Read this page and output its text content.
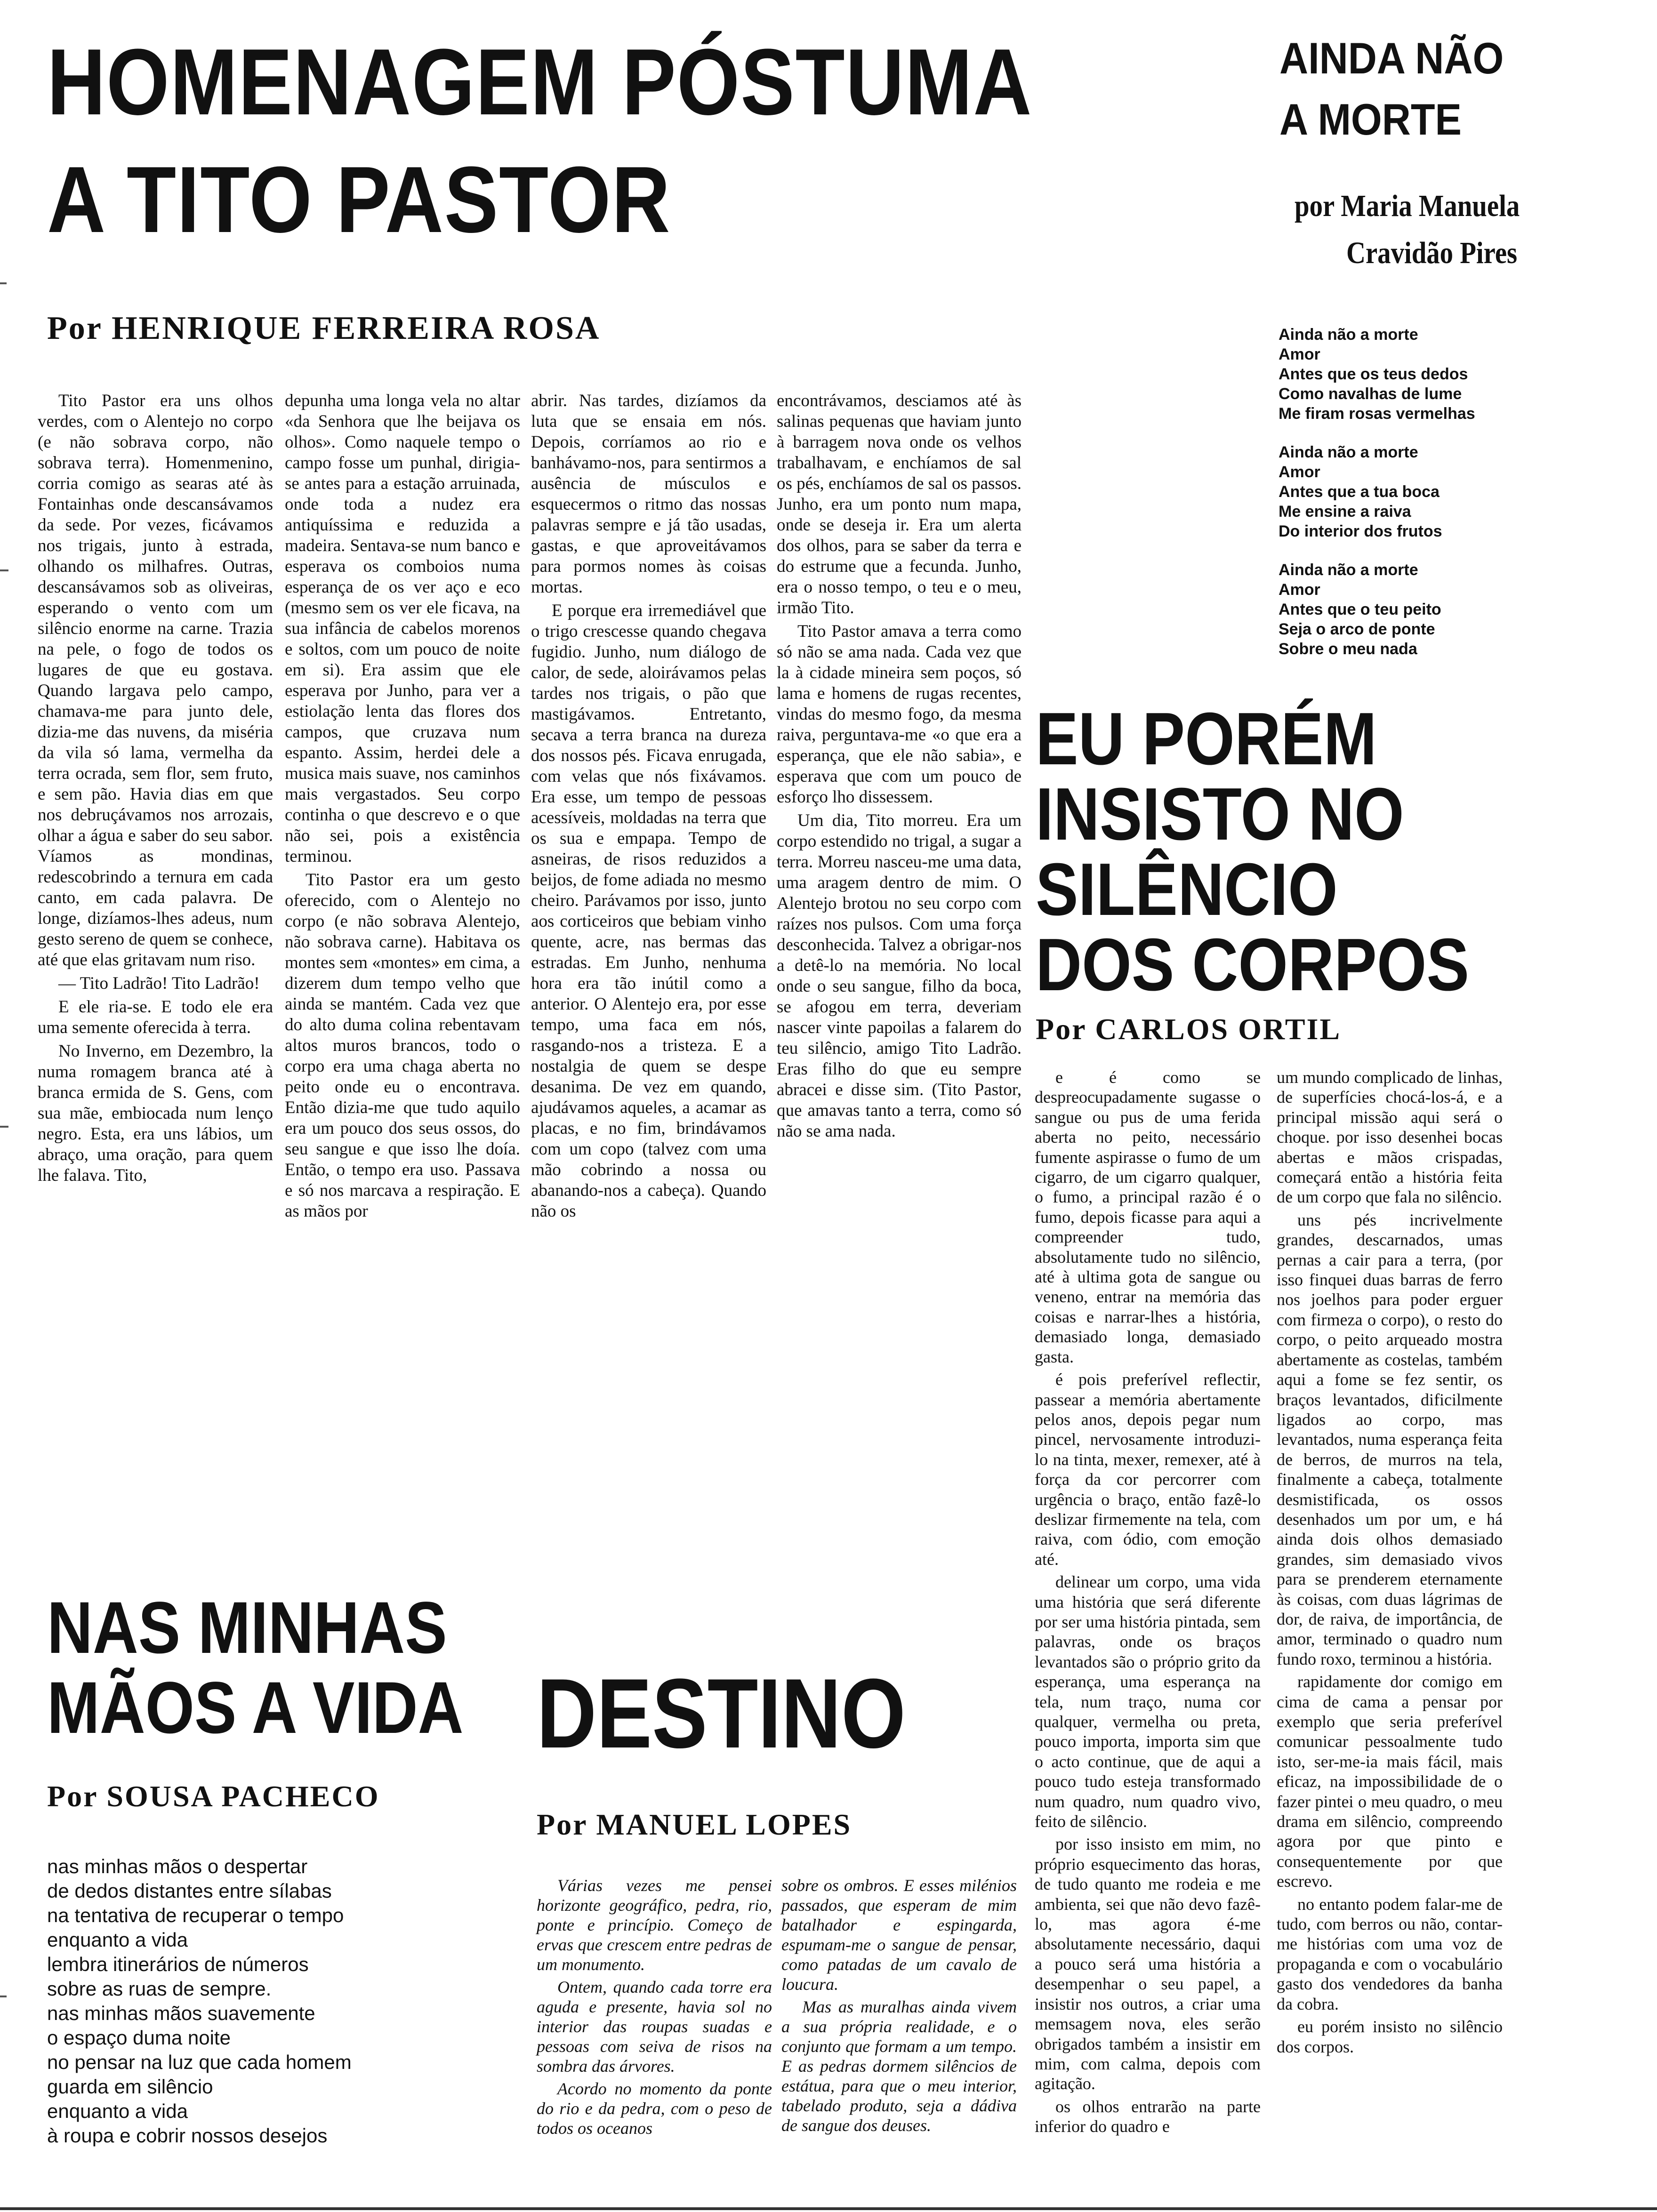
HOMENAGEM PÓSTUMA
A TITO PASTOR
Por HENRIQUE FERREIRA ROSA

Tito Pastor era uns olhos verdes, com o Alentejo no corpo (e não sobrava corpo, não sobrava terra). Homenmenino, corria comigo as searas até às Fontainhas onde descansávamos da sede. Por vezes, ficávamos nos trigais, junto à estrada, olhando os milhafres. Outras, descansávamos sob as oliveiras, esperando o vento com um silêncio enorme na carne. Trazia na pele, o fogo de todos os lugares de que eu gostava. Quando largava pelo campo, chamava-me para junto dele, dizia-me das nuvens, da miséria da vila só lama, vermelha da terra ocrada, sem flor, sem fruto, e sem pão. Havia dias em que nos debruçávamos nos arrozais, olhar a água e saber do seu sabor. Víamos as mondinas, redescobrindo a ternura em cada canto, em cada palavra. De longe, dizíamos-lhes adeus, num gesto sereno de quem se conhece, até que elas gritavam num riso.

— Tito Ladrão! Tito Ladrão!

E ele ria-se. E todo ele era uma semente oferecida à terra.

No Inverno, em Dezembro, la numa romagem branca até à branca ermida de S. Gens, com sua mãe, embiocada num lenço negro. Esta, era uns lábios, um abraço, uma oração, para quem lhe falava. Tito,

depunha uma longa vela no altar «da Senhora que lhe beijava os olhos». Como naquele tempo o campo fosse um punhal, dirigia-se antes para a estação arruinada, onde toda a nudez era antiquíssima e reduzida a madeira. Sentava-se num banco e esperava os comboios numa esperança de os ver aço e eco (mesmo sem os ver ele ficava, na sua infância de cabelos morenos e soltos, com um pouco de noite em si). Era assim que ele esperava por Junho, para ver a estiolação lenta das flores dos campos, que cruzava num espanto. Assim, herdei dele a musica mais suave, nos caminhos mais vergastados. Seu corpo continha o que descrevo e o que não sei, pois a existência terminou.

Tito Pastor era um gesto oferecido, com o Alentejo no corpo (e não sobrava Alentejo, não sobrava carne). Habitava os montes sem «montes» em cima, a dizerem dum tempo velho que ainda se mantém. Cada vez que do alto duma colina rebentavam altos muros brancos, todo o corpo era uma chaga aberta no peito onde eu o encontrava. Então dizia-me que tudo aquilo era um pouco dos seus ossos, do seu sangue e que isso lhe doía. Então, o tempo era uso. Passava e só nos marcava a respiração. E as mãos por

abrir. Nas tardes, dizíamos da luta que se ensaia em nós. Depois, corríamos ao rio e banhávamo-nos, para sentirmos a ausência de músculos e esquecermos o ritmo das nossas palavras sempre e já tão usadas, gastas, e que aproveitávamos para pormos nomes às coisas mortas.

E porque era irremediável que o trigo crescesse quando chegava fugidio. Junho, num diálogo de calor, de sede, aloirávamos pelas tardes nos trigais, o pão que mastigávamos. Entretanto, secava a terra branca na dureza dos nossos pés. Ficava enrugada, com velas que nós fixávamos. Era esse, um tempo de pessoas acessíveis, moldadas na terra que os sua e empapa. Tempo de asneiras, de risos reduzidos a beijos, de fome adiada no mesmo cheiro. Parávamos por isso, junto aos corticeiros que bebiam vinho quente, acre, nas bermas das estradas. Em Junho, nenhuma hora era tão inútil como a anterior. O Alentejo era, por esse tempo, uma faca em nós, rasgando-nos a tristeza. E a nostalgia de quem se despe desanima. De vez em quando, ajudávamos aqueles, a acamar as placas, e no fim, brindávamos com um copo (talvez com uma mão cobrindo a nossa ou abanando-nos a cabeça). Quando não os

encontrávamos, desciamos até às salinas pequenas que haviam junto à barragem nova onde os velhos trabalhavam, e enchíamos de sal os pés, enchíamos de sal os passos. Junho, era um ponto num mapa, onde se deseja ir. Era um alerta dos olhos, para se saber da terra e do estrume que a fecunda. Junho, era o nosso tempo, o teu e o meu, irmão Tito.

Tito Pastor amava a terra como só não se ama nada. Cada vez que la à cidade mineira sem poços, só lama e homens de rugas recentes, vindas do mesmo fogo, da mesma raiva, perguntava-me «o que era a esperança, que ele não sabia», e esperava que com um pouco de esforço lho dissessem.

Um dia, Tito morreu. Era um corpo estendido no trigal, a sugar a terra. Morreu nasceu-me uma data, uma aragem dentro de mim. O Alentejo brotou no seu corpo com raízes nos pulsos. Com uma força desconhecida. Talvez a obrigar-nos a detê-lo na memória. No local onde o seu sangue, filho da boca, se afogou em terra, deveriam nascer vinte papoilas a falarem do teu silêncio, amigo Tito Ladrão. Eras filho do que eu sempre abracei e disse sim. (Tito Pastor, que amavas tanto a terra, como só não se ama nada.

AINDA NÃO
A MORTE
por Maria Manuela
Cravidão Pires
Ainda não a morte
Amor
Antes que os teus dedos
Como navalhas de lume
Me firam rosas vermelhas
Ainda não a morte
Amor
Antes que a tua boca
Me ensine a raiva
Do interior dos frutos
Ainda não a morte
Amor
Antes que o teu peito
Seja o arco de ponte
Sobre o meu nada
EU PORÉM
INSISTO NO
SILÊNCIO
DOS CORPOS
Por CARLOS ORTIL

e é como se despreocupadamente sugasse o sangue ou pus de uma ferida aberta no peito, necessário fumente aspirasse o fumo de um cigarro, de um cigarro qualquer, o fumo, a principal razão é o fumo, depois ficasse para aqui a compreender tudo, absolutamente tudo no silêncio, até à ultima gota de sangue ou veneno, entrar na memória das coisas e narrar-lhes a história, demasiado longa, demasiado gasta.

é pois preferível reflectir, passear a memória abertamente pelos anos, depois pegar num pincel, nervosamente introduzi-lo na tinta, mexer, remexer, até à força da cor percorrer com urgência o braço, então fazê-lo deslizar firmemente na tela, com raiva, com ódio, com emoção até.

delinear um corpo, uma vida uma história que será diferente por ser uma história pintada, sem palavras, onde os braços levantados são o próprio grito da esperança, uma esperança na tela, num traço, numa cor qualquer, vermelha ou preta, pouco importa, importa sim que o acto continue, que de aqui a pouco tudo esteja transformado num quadro, num quadro vivo, feito de silêncio.

por isso insisto em mim, no próprio esquecimento das horas, de tudo quanto me rodeia e me ambienta, sei que não devo fazê-lo, mas agora é-me absolutamente necessário, daqui a pouco será uma história a desempenhar o seu papel, a insistir nos outros, a criar uma memsagem nova, eles serão obrigados também a insistir em mim, com calma, depois com agitação.

os olhos entrarão na parte inferior do quadro e

um mundo complicado de linhas, de superfícies chocá-los-á, e a principal missão aqui será o choque. por isso desenhei bocas abertas e mãos crispadas, começará então a história feita de um corpo que fala no silêncio.

uns pés incrivelmente grandes, descarnados, umas pernas a cair para a terra, (por isso finquei duas barras de ferro nos joelhos para poder erguer com firmeza o corpo), o resto do corpo, o peito arqueado mostra abertamente as costelas, também aqui a fome se fez sentir, os braços levantados, dificilmente ligados ao corpo, mas levantados, numa esperança feita de berros, de murros na tela, finalmente a cabeça, totalmente desmistificada, os ossos desenhados um por um, e há ainda dois olhos demasiado grandes, sim demasiado vivos para se prenderem eternamente às coisas, com duas lágrimas de dor, de raiva, de importância, de amor, terminado o quadro num fundo roxo, terminou a história.

rapidamente dor comigo em cima de cama a pensar por exemplo que seria preferível comunicar pessoalmente tudo isto, ser-me-ia mais fácil, mais eficaz, na impossibilidade de o fazer pintei o meu quadro, o meu drama em silêncio, compreendo agora por que pinto e consequentemente por que escrevo.

no entanto podem falar-me de tudo, com berros ou não, contar-me histórias com uma voz de propaganda e com o vocabulário gasto dos vendedores da banha da cobra.

eu porém insisto no silêncio dos corpos.

NAS MINHAS
MÃOS A VIDA
Por SOUSA PACHECO
nas minhas mãos o despertar
de dedos distantes entre sílabas
na tentativa de recuperar o tempo
enquanto a vida
lembra itinerários de números
sobre as ruas de sempre.
nas minhas mãos suavemente
o espaço duma noite
no pensar na luz que cada homem
guarda em silêncio
enquanto a vida
à roupa e cobrir nossos desejos
DESTINO
Por MANUEL LOPES

Várias vezes me pensei horizonte geográfico, pedra, rio, ponte e princípio. Começo de ervas que crescem entre pedras de um monumento.

Ontem, quando cada torre era aguda e presente, havia sol no interior das roupas suadas e pessoas com seiva de risos na sombra das árvores.

Acordo no momento da ponte do rio e da pedra, com o peso de todos os oceanos

sobre os ombros. E esses milénios passados, que esperam de mim batalhador e espingarda, espumam-me o sangue de pensar, como patadas de um cavalo de loucura.

Mas as muralhas ainda vivem a sua própria realidade, e o conjunto que formam a um tempo. E as pedras dormem silêncios de estátua, para que o meu interior, tabelado produto, seja a dádiva de sangue dos deuses.
